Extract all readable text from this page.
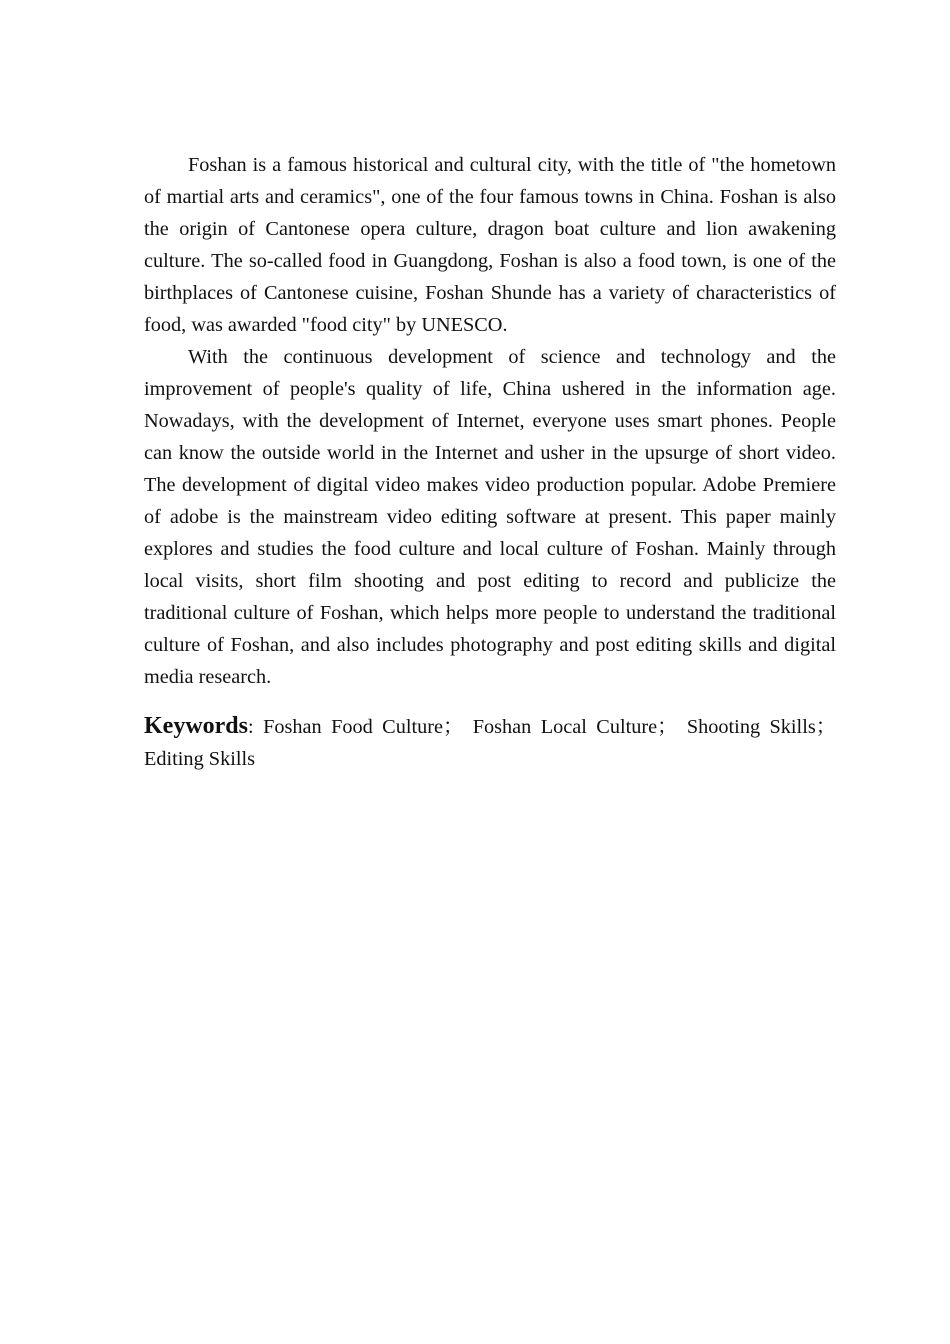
Foshan is a famous historical and cultural city, with the title of "the hometown of martial arts and ceramics", one of the four famous towns in China. Foshan is also the origin of Cantonese opera culture, dragon boat culture and lion awakening culture. The so-called food in Guangdong, Foshan is also a food town, is one of the birthplaces of Cantonese cuisine, Foshan Shunde has a variety of characteristics of food, was awarded "food city" by UNESCO.

With the continuous development of science and technology and the improvement of people's quality of life, China ushered in the information age. Nowadays, with the development of Internet, everyone uses smart phones. People can know the outside world in the Internet and usher in the upsurge of short video. The development of digital video makes video production popular. Adobe Premiere of adobe is the mainstream video editing software at present. This paper mainly explores and studies the food culture and local culture of Foshan. Mainly through local visits, short film shooting and post editing to record and publicize the traditional culture of Foshan, which helps more people to understand the traditional culture of Foshan, and also includes photography and post editing skills and digital media research.

Keywords: Foshan Food Culture； Foshan Local Culture； Shooting Skills； Editing Skills
